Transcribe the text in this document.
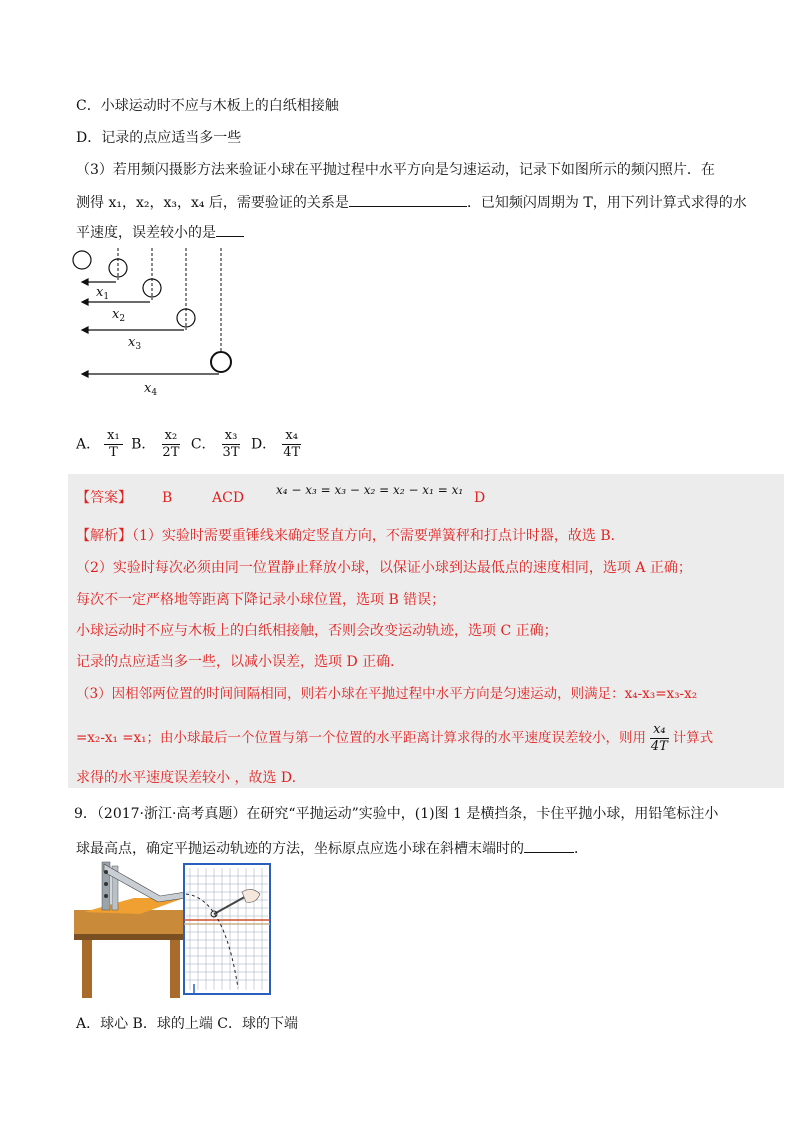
C．小球运动时不应与木板上的白纸相接触
D．记录的点应适当多一些
（3）若用频闪摄影方法来验证小球在平抛过程中水平方向是匀速运动，记录下如图所示的频闪照片．在
测得 x₁，x₂，x₃，x₄ 后，需要验证的关系是	．已知频闪周期为 T，用下列计算式求得的水
平速度，误差较小的是
$x_1$
$x_2$
$x_3$
$x_4$
A． $\frac{\text{x₁}}{T}$ B． $\frac{\text{x₂}}{2T}$ C． $\frac{\text{x₃}}{3T}$ D． $\frac{\text{x₄}}{4T}$
【答案】 B	ACD	x₄ − x₃ = x₃ − x₂ = x₂ − x₁ = x₁ D
【解析】（1）实验时需要重锤线来确定竖直方向，不需要弹簧秤和打点计时器，故选 B．
（2）实验时每次必须由同一位置静止释放小球，以保证小球到达最低点的速度相同，选项 A 正确；
每次不一定严格地等距离下降记录小球位置，选项 B 错误；
小球运动时不应与木板上的白纸相接触，否则会改变运动轨迹，选项 C 正确；
记录的点应适当多一些，以减小误差，选项 D 正确．
（3）因相邻两位置的时间间隔相同，则若小球在平抛过程中水平方向是匀速运动，则满足：x₄-x₃=x₃-x₂
=x₂-x₁ =x₁；由小球最后一个位置与第一个位置的水平距离计算求得的水平速度误差较小，则用 $\frac{\text{x₄}}{4T}$ 计算式
求得的水平速度误差较小 ，故选 D.
9．（2017·浙江·高考真题）在研究“平抛运动”实验中，(1)图 1 是横挡条，卡住平抛小球，用铅笔标注小
球最高点，确定平抛运动轨迹的方法，坐标原点应选小球在斜槽末端时的	．
A．球心 B．球的上端 C．球的下端
